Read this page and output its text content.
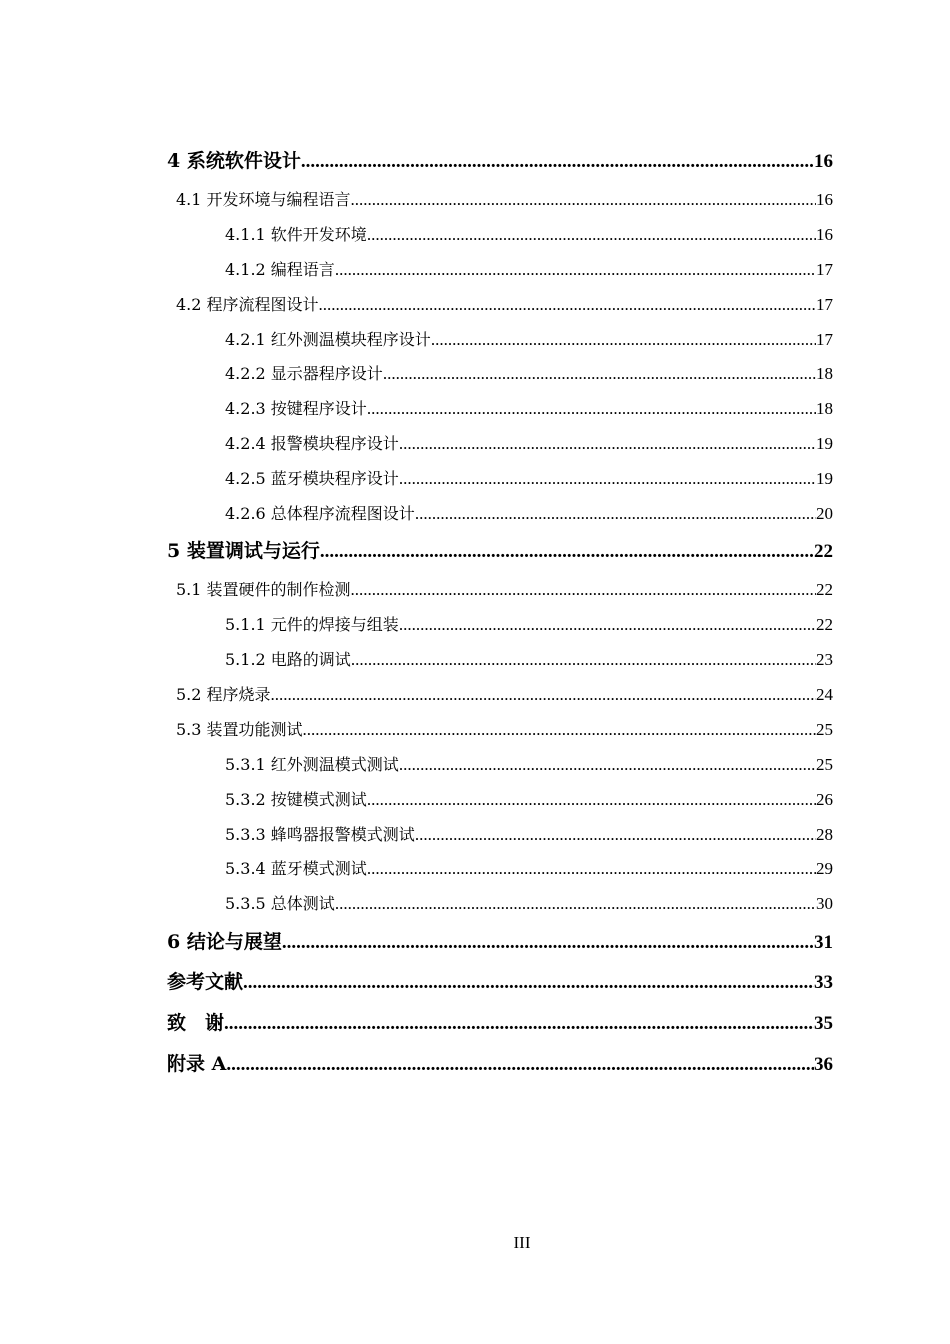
4 系统软件设计 .....	16
4.1 开发环境与编程语言 .....	16
4.1.1 软件开发环境 .....	16
4.1.2 编程语言 .....	17
4.2 程序流程图设计 .....	17
4.2.1 红外测温模块程序设计 .....	17
4.2.2 显示器程序设计 .....	18
4.2.3 按键程序设计 .....	18
4.2.4 报警模块程序设计 .....	19
4.2.5 蓝牙模块程序设计 .....	19
4.2.6 总体程序流程图设计 .....	20
5 装置调试与运行 .....	22
5.1 装置硬件的制作检测 .....	22
5.1.1 元件的焊接与组装 .....	22
5.1.2 电路的调试 .....	23
5.2 程序烧录 .....	24
5.3 装置功能测试 .....	25
5.3.1 红外测温模式测试 .....	25
5.3.2 按键模式测试 .....	26
5.3.3 蜂鸣器报警模式测试 .....	28
5.3.4 蓝牙模式测试 .....	29
5.3.5 总体测试 .....	30
6 结论与展望 .....	31
参考文献 .....	33
致　谢 .....	35
附录 A .....	36
III
